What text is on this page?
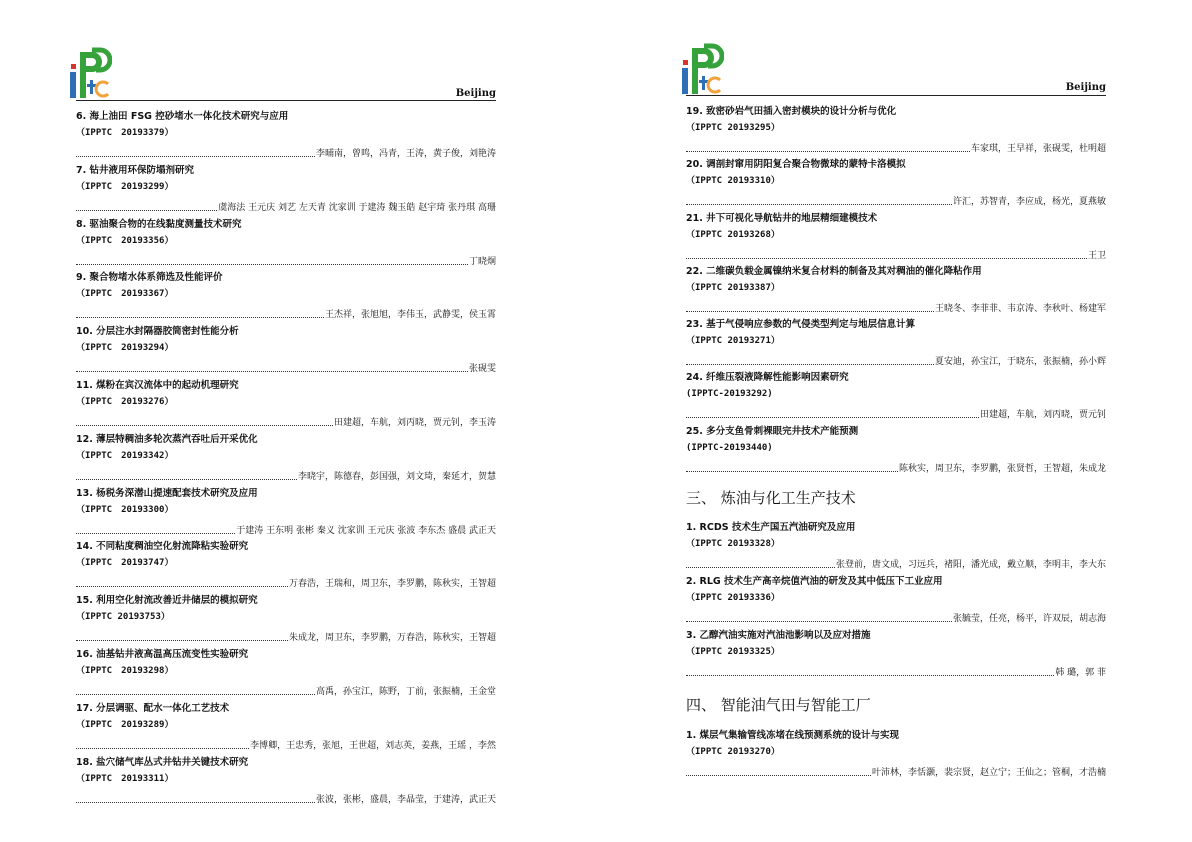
Beijing
6. 海上油田 FSG 控砂堵水一体化技术研究与应用
（IPPTC　20193379）
李晡南，曾鸣，冯青，王涛，黄子俊，刘艳涛
7. 钻井液用环保防塌剂研究
（IPPTC　20193299）
虞海法 王元庆 刘艺 左天青 沈家训 于建涛 魏玉皓 赵宇琦 张丹琪 高珊
8. 驱油聚合物的在线黏度测量技术研究
（IPPTC　20193356）
丁晓炯
9. 聚合物堵水体系筛选及性能评价
（IPPTC　20193367）
王杰祥，张旭旭，李伟玉，武静雯，侯玉霄
10. 分层注水封隔器胶筒密封性能分析
（IPPTC　20193294）
张砚雯
11. 煤粉在宾汉流体中的起动机理研究
（IPPTC　20193276）
田建超，车航，刘丙晓，贾元钊，李玉涛
12. 薄层特稠油多轮次蒸汽吞吐后开采优化
（IPPTC　20193342）
李晓宇，陈德春，彭国强，刘文琦，秦延才，贺慧
13. 杨税务深潜山提速配套技术研究及应用
（IPPTC　20193300）
于建涛 王东明 张彬 秦义 沈家训 王元庆 张波 李东杰 盛晨 武正天
14. 不同粘度稠油空化射流降粘实验研究
（IPPTC　20193747）
万春浩，王瑞和，周卫东，李罗鹏，陈秋实，王智超
15. 利用空化射流改善近井储层的模拟研究
（IPPTC 20193753）
朱成龙，周卫东，李罗鹏，万春浩，陈秋实，王智超
16. 油基钻井液高温高压流变性实验研究
（IPPTC　20193298）
高禹，孙宝江，陈野，丁前，张振楠，王金堂
17. 分层调驱、配水一体化工艺技术
（IPPTC　20193289）
李博卿，王忠秀，张旭，王世超，刘志英，姜燕，王瑶 ，李然
18. 盐穴储气库丛式井钻井关键技术研究
（IPPTC　20193311）
张波，张彬，盛晨，李晶莹，于建涛，武正天
Beijing
19. 致密砂岩气田插入密封模块的设计分析与优化
（IPPTC 20193295）
车家琪，王早祥，张砚雯，杜明超
20. 调剖封窜用阴阳复合聚合物微球的蒙特卡洛模拟
（IPPTC 20193310）
许汇，苏智青，李应成，杨光，夏燕敏
21. 井下可视化导航钻井的地层精细建模技术
（IPPTC 20193268）
王卫
22. 二维碳负载金属镍纳米复合材料的制备及其对稠油的催化降粘作用
（IPPTC 20193387）
王晓冬、李菲菲、韦京涛、李秋叶、杨建军
23. 基于气侵响应参数的气侵类型判定与地层信息计算
（IPPTC 20193271）
夏安迪，孙宝江，于晓东，张振楠，孙小辉
24. 纤维压裂液降解性能影响因素研究
(IPPTC-20193292)
田建超，车航，刘丙晓，贾元钊
25. 多分支鱼骨刺裸眼完井技术产能预测
(IPPTC-20193440)
陈秋实，周卫东，李罗鹏，张贤哲，王智超，朱成龙
三、 炼油与化工生产技术
1. RCDS 技术生产国五汽油研究及应用
（IPPTC 20193328）
张登前，唐文成，习远兵，褚阳，潘光成，戴立顺，李明丰，李大东
2. RLG 技术生产高辛烷值汽油的研发及其中低压下工业应用
（IPPTC 20193336）
张毓莹，任亮，杨平，许双辰，胡志海
3. 乙醇汽油实施对汽油池影响以及应对措施
（IPPTC 20193325）
韩 璐，郭 菲
四、 智能油气田与智能工厂
1. 煤层气集输管线冻堵在线预测系统的设计与实现
（IPPTC 20193270）
叶沛林，李恬灏，裴宗贤，赵立宁；王仙之；管桐，才浩楠
